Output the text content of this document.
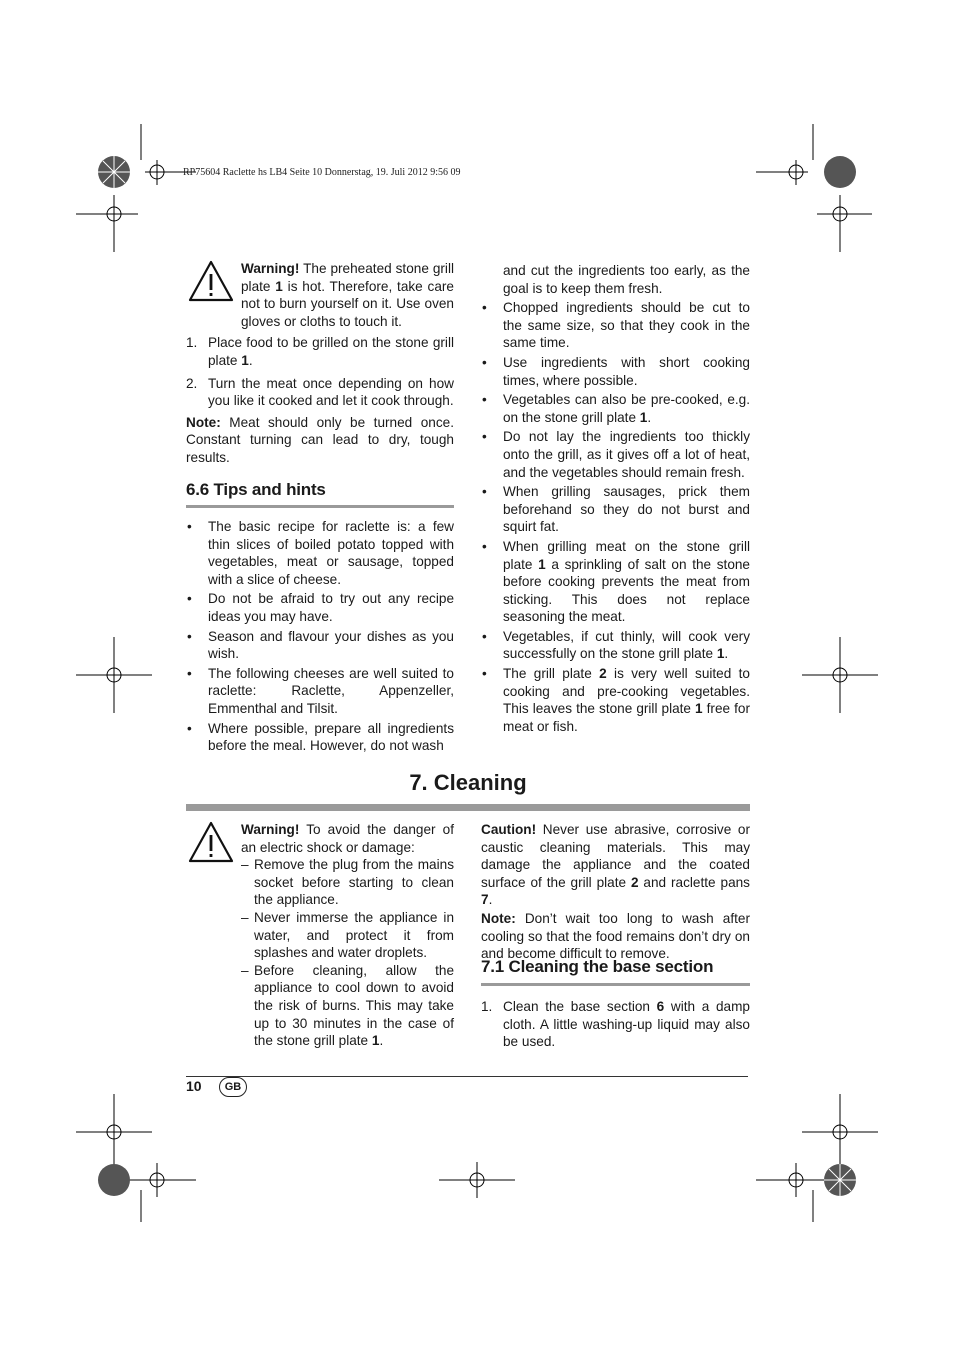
RP75604 Raclette hs LB4 Seite 10 Donnerstag, 19. Juli 2012 9:56 09

Warning! The preheated stone grill plate 1 is hot. Therefore, take care not to burn yourself on it. Use oven gloves or cloths to touch it.

1. Place food to be grilled on the stone grill plate 1.
2. Turn the meat once depending on how you like it cooked and let it cook through.

Note: Meat should only be turned once. Constant turning can lead to dry, tough results.

6.6 Tips and hints
• The basic recipe for raclette is: a few thin slices of boiled potato topped with vegetables, meat or sausage, topped with a slice of cheese.
• Do not be afraid to try out any recipe ideas you may have.
• Season and flavour your dishes as you wish.
• The following cheeses are well suited to raclette: Raclette, Appenzeller, Emmenthal and Tilsit.
• Where possible, prepare all ingredients before the meal. However, do not wash
and cut the ingredients too early, as the goal is to keep them fresh.
• Chopped ingredients should be cut to the same size, so that they cook in the same time.
• Use ingredients with short cooking times, where possible.
• Vegetables can also be pre-cooked, e.g. on the stone grill plate 1.
• Do not lay the ingredients too thickly onto the grill, as it gives off a lot of heat, and the vegetables should remain fresh.
• When grilling sausages, prick them beforehand so they do not burst and squirt fat.
• When grilling meat on the stone grill plate 1 a sprinkling of salt on the stone before cooking prevents the meat from sticking. This does not replace seasoning the meat.
• Vegetables, if cut thinly, will cook very successfully on the stone grill plate 1.
• The grill plate 2 is very well suited to cooking and pre-cooking vegetables. This leaves the stone grill plate 1 free for meat or fish.
7. Cleaning

Warning! To avoid the danger of an electric shock or damage:

– Remove the plug from the mains socket before starting to clean the appliance.
– Never immerse the appliance in water, and protect it from splashes and water droplets.
– Before cleaning, allow the appliance to cool down to avoid the risk of burns. This may take up to 30 minutes in the case of the stone grill plate 1.

Caution! Never use abrasive, corrosive or caustic cleaning materials. This may damage the appliance and the coated surface of the grill plate 2 and raclette pans 7.

Note: Don’t wait too long to wash after cooling so that the food remains don’t dry on and become difficult to remove.

7.1 Cleaning the base section
1. Clean the base section 6 with a damp cloth. A little washing-up liquid may also be used.
10	GB
